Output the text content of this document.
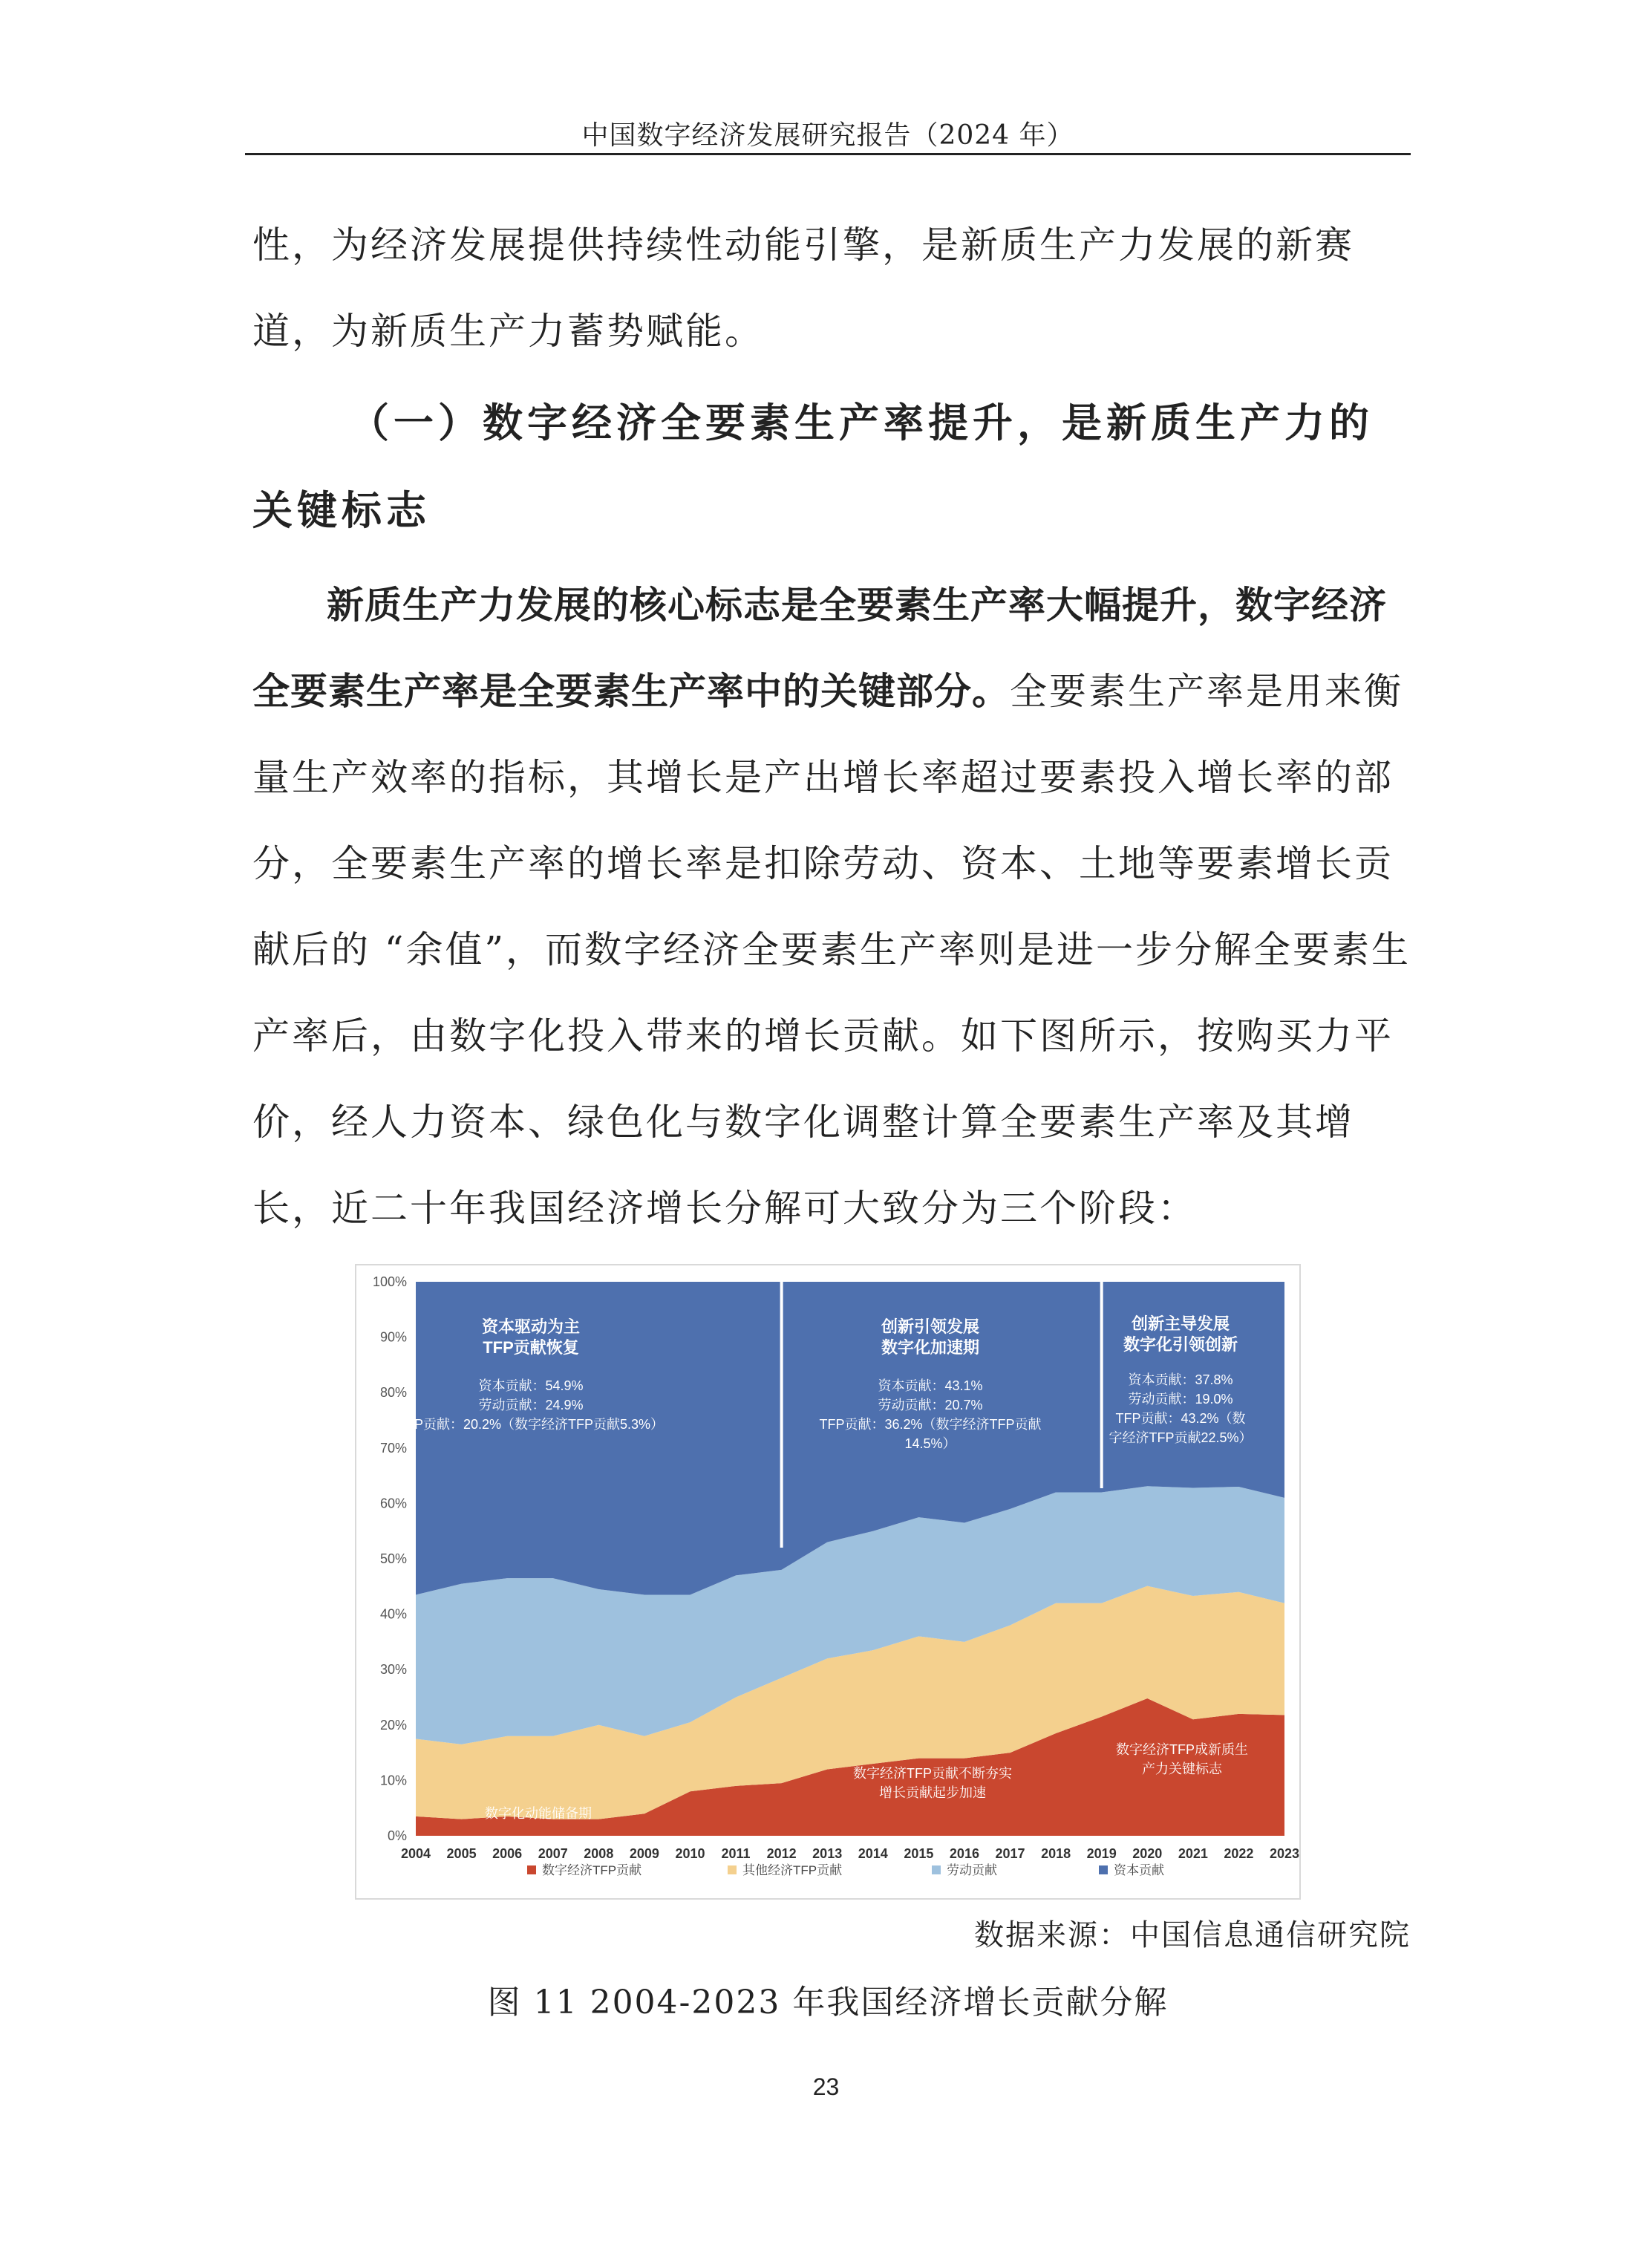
中国数字经济发展研究报告（2024 年）

性，为经济发展提供持续性动能引擎，是新质生产力发展的新赛道，为新质生产力蓄势赋能。

（一）数字经济全要素生产率提升，是新质生产力的
关键标志

新质生产力发展的核心标志是全要素生产率大幅提升，数字经济全要素生产率是全要素生产率中的关键部分。全要素生产率是用来衡量生产效率的指标，其增长是产出增长率超过要素投入增长率的部分，全要素生产率的增长率是扣除劳动、资本、土地等要素增长贡献后的 “余值”，而数字经济全要素生产率则是进一步分解全要素生产率后，由数字化投入带来的增长贡献。如下图所示，按购买力平价，经人力资本、绿色化与数字化调整计算全要素生产率及其增长，近二十年我国经济增长分解可大致分为三个阶段：

0%
10%
20%
30%
40%
50%
60%
70%
80%
90%
100%
2004 2005 2006 2007 2008 2009 2010 2011 2012 2013 2014 2015 2016 2017 2018 2019 2020 2021 2022 2023
资本驱动为主
TFP贡献恢复
资本贡献：54.9%
劳动贡献：24.9%
TFP贡献：20.2%（数字经济TFP贡献5.3%）
创新引领发展
数字化加速期
资本贡献：43.1%
劳动贡献：20.7%
TFP贡献：36.2%（数字经济TFP贡献
14.5%）
创新主导发展
数字化引领创新
资本贡献：37.8%
劳动贡献：19.0%
TFP贡献：43.2%（数
字经济TFP贡献22.5%）
数字化动能储备期
数字经济TFP贡献不断夯实
增长贡献起步加速
数字经济TFP成新质生
产力关键标志
数字经济TFP贡献	其他经济TFP贡献	劳动贡献	资本贡献
数据来源：中国信息通信研究院
图 11 2004-2023 年我国经济增长贡献分解
23
